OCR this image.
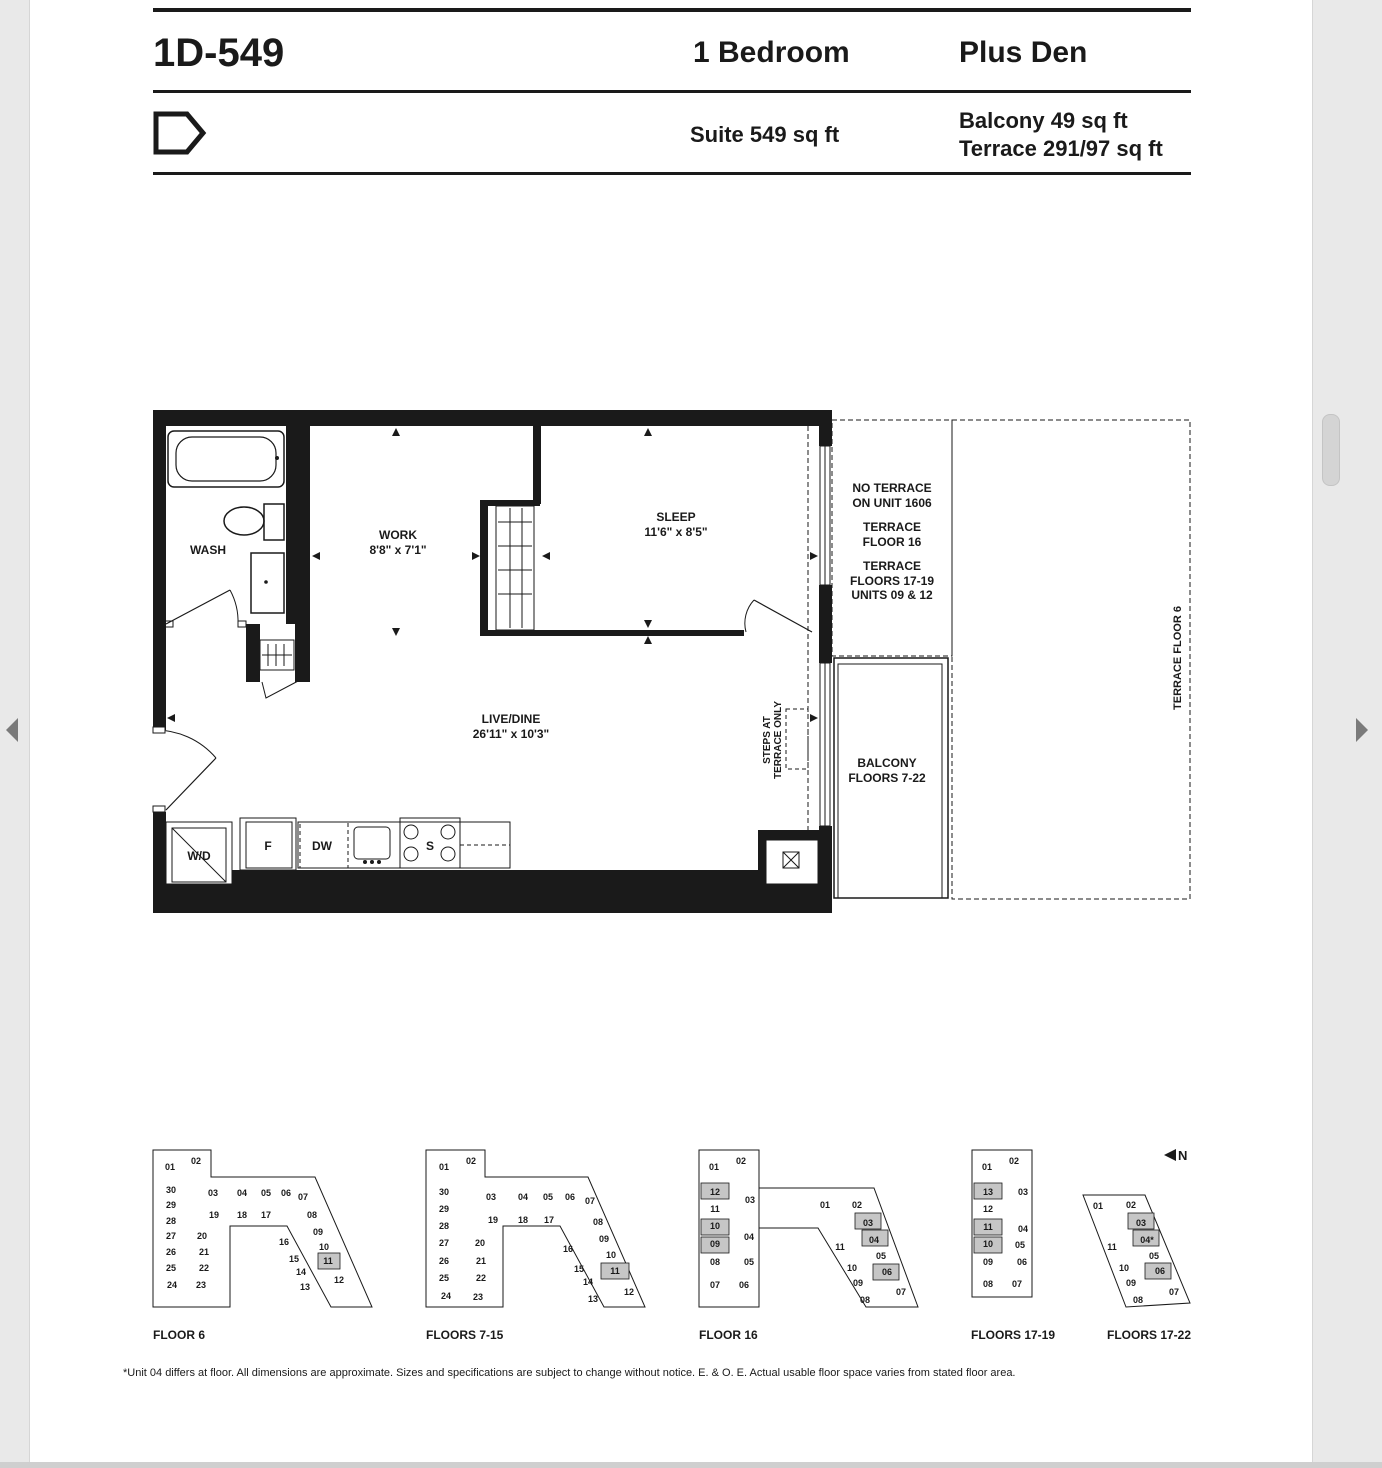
1D-549	1 Bedroom	Plus Den
Suite 549 sq ft
Balcony 49 sq ft
Terrace 291/97 sq ft
WASH
WORK
8'8" x 7'1"
SLEEP
11'6" x 8'5"
LIVE/DINE
26'11" x 10'3"
W/D
F	DW	S
NO TERRACE
ON UNIT 1606
TERRACE
FLOOR 16
TERRACE
FLOORS 17-19
UNITS 09 & 12
BALCONY
FLOORS 7-22
STEPS AT TERRACE ONLY
TERRACE FLOOR 6
01
02
30
29
28
27
26
25
24 23
03 04 05 06 07
08
09
10
11
12
13
14
15
16
17
18
19
20
21
22
01
02
30
29
28
27
26
25
24 23
03 04 05 06 07
08
09
10
11
12
13
14
15
16
17
18
19
20
21
22
01
02
12
11
10
09
08
07
03
04
05
06
01 02
03
04
05
06
07
08
09
10
11
01
02
13
12
11
10
09
08
03
04
05
06
07
01	02
03
04*
05
06
07
08
09
10
11
N
FLOOR 6	FLOORS 7-15	FLOOR 16	FLOORS 17-19	FLOORS 17-22
*Unit 04 differs at floor. All dimensions are approximate. Sizes and specifications are subject to change without notice. E. & O. E. Actual usable floor space varies from stated floor area.
